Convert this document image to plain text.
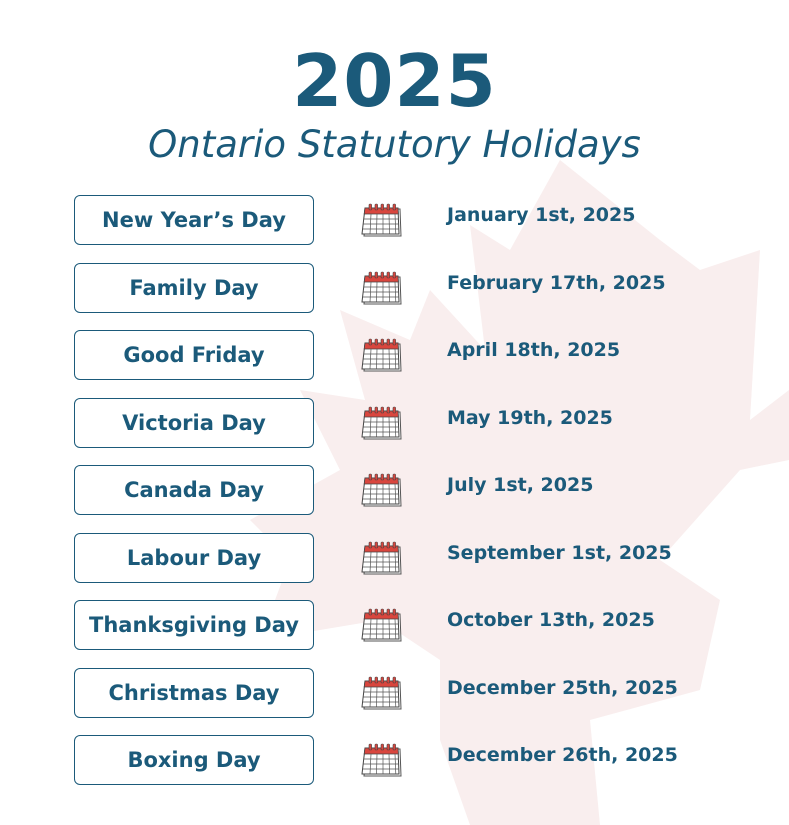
2025
Ontario Statutory Holidays
New Year’s Day	January 1st, 2025
Family Day	February 17th, 2025
Good Friday	April 18th, 2025
Victoria Day	May 19th, 2025
Canada Day	July 1st, 2025
Labour Day	September 1st, 2025
Thanksgiving Day	October 13th, 2025
Christmas Day	December 25th, 2025
Boxing Day	December 26th, 2025
